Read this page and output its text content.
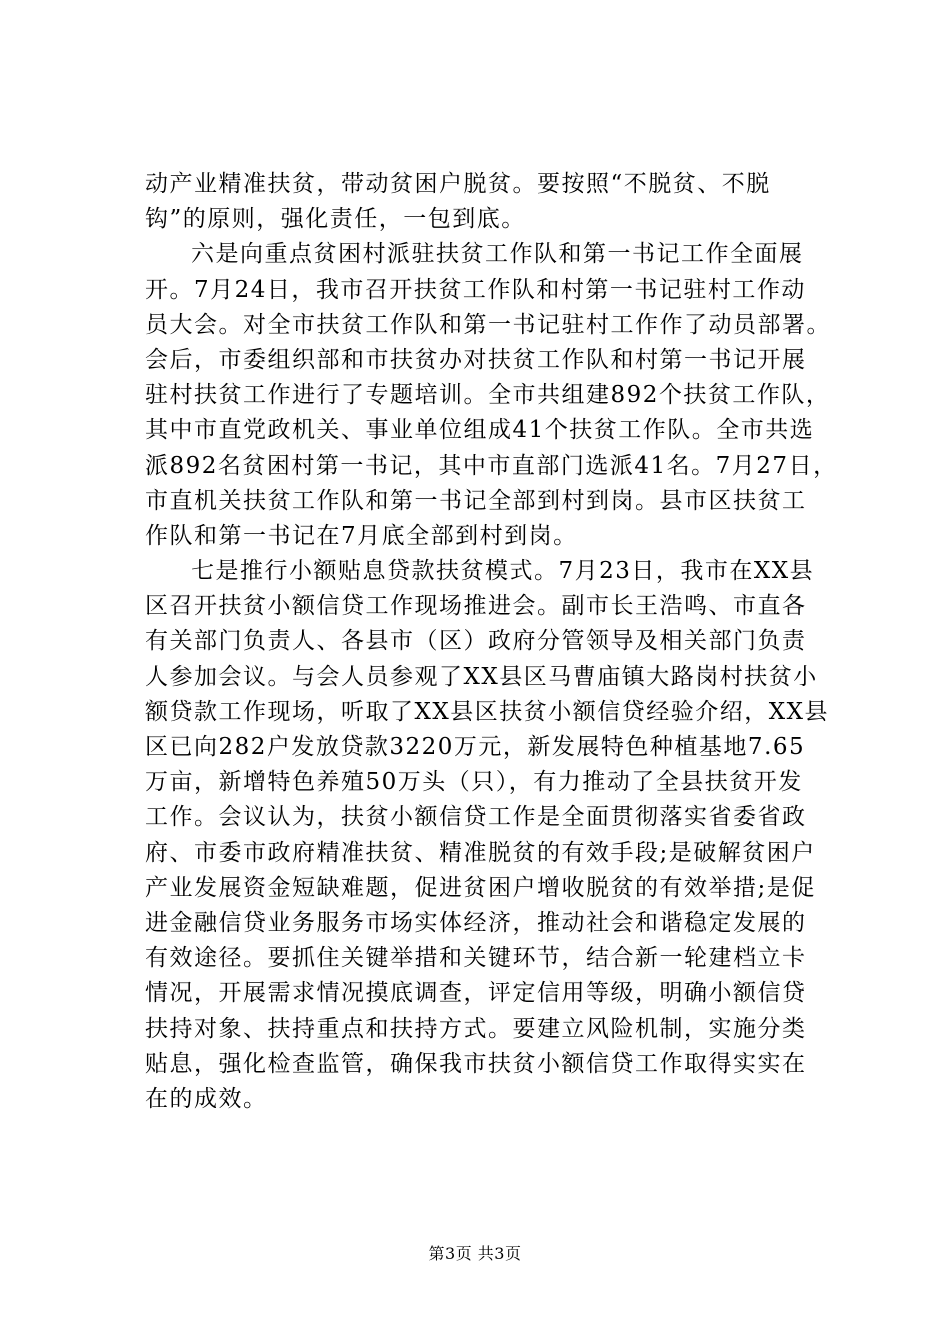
动产业精准扶贫，带动贫困户脱贫。要按照“不脱贫、不脱
钩”的原则，强化责任，一包到底。
六是向重点贫困村派驻扶贫工作队和第一书记工作全面展
开。7月24日，我市召开扶贫工作队和村第一书记驻村工作动
员大会。对全市扶贫工作队和第一书记驻村工作作了动员部署。
会后，市委组织部和市扶贫办对扶贫工作队和村第一书记开展
驻村扶贫工作进行了专题培训。全市共组建892个扶贫工作队，
其中市直党政机关、事业单位组成41个扶贫工作队。全市共选
派892名贫困村第一书记，其中市直部门选派41名。7月27日，
市直机关扶贫工作队和第一书记全部到村到岗。县市区扶贫工
作队和第一书记在7月底全部到村到岗。
七是推行小额贴息贷款扶贫模式。7月23日，我市在XX县
区召开扶贫小额信贷工作现场推进会。副市长王浩鸣、市直各
有关部门负责人、各县市（区）政府分管领导及相关部门负责
人参加会议。与会人员参观了XX县区马曹庙镇大路岗村扶贫小
额贷款工作现场，听取了XX县区扶贫小额信贷经验介绍，XX县
区已向282户发放贷款3220万元，新发展特色种植基地7.65
万亩，新增特色养殖50万头（只），有力推动了全县扶贫开发
工作。会议认为，扶贫小额信贷工作是全面贯彻落实省委省政
府、市委市政府精准扶贫、精准脱贫的有效手段;是破解贫困户
产业发展资金短缺难题，促进贫困户增收脱贫的有效举措;是促
进金融信贷业务服务市场实体经济，推动社会和谐稳定发展的
有效途径。要抓住关键举措和关键环节，结合新一轮建档立卡
情况，开展需求情况摸底调查，评定信用等级，明确小额信贷
扶持对象、扶持重点和扶持方式。要建立风险机制，实施分类
贴息，强化检查监管，确保我市扶贫小额信贷工作取得实实在
在的成效。
第3页 共3页
